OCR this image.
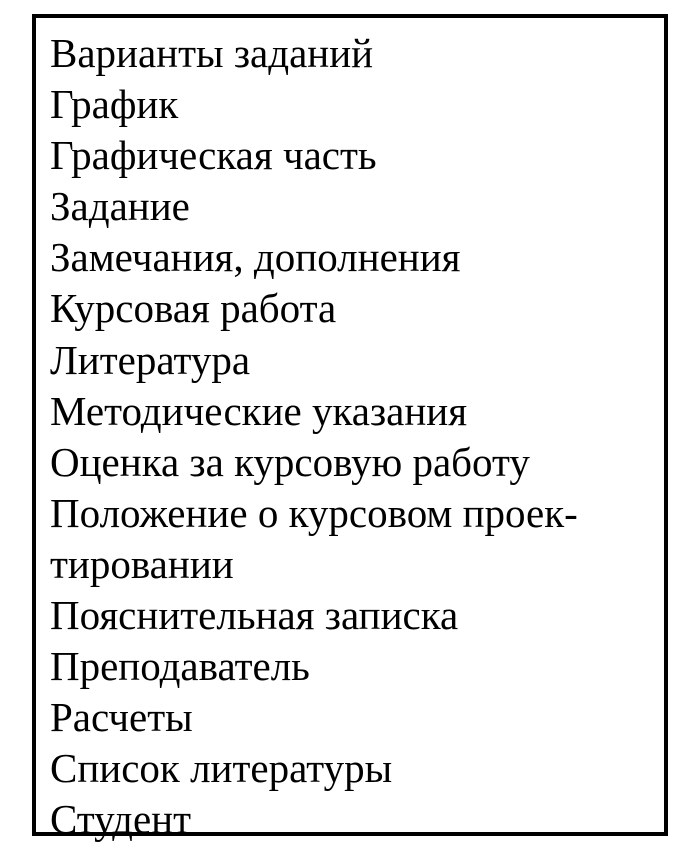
Варианты заданий
График
Графическая часть
Задание
Замечания, дополнения
Курсовая работа
Литература
Методические указания
Оценка за курсовую работу
Положение о курсовом проек-
тировании
Пояснительная записка
Преподаватель
Расчеты
Список литературы
Студент
